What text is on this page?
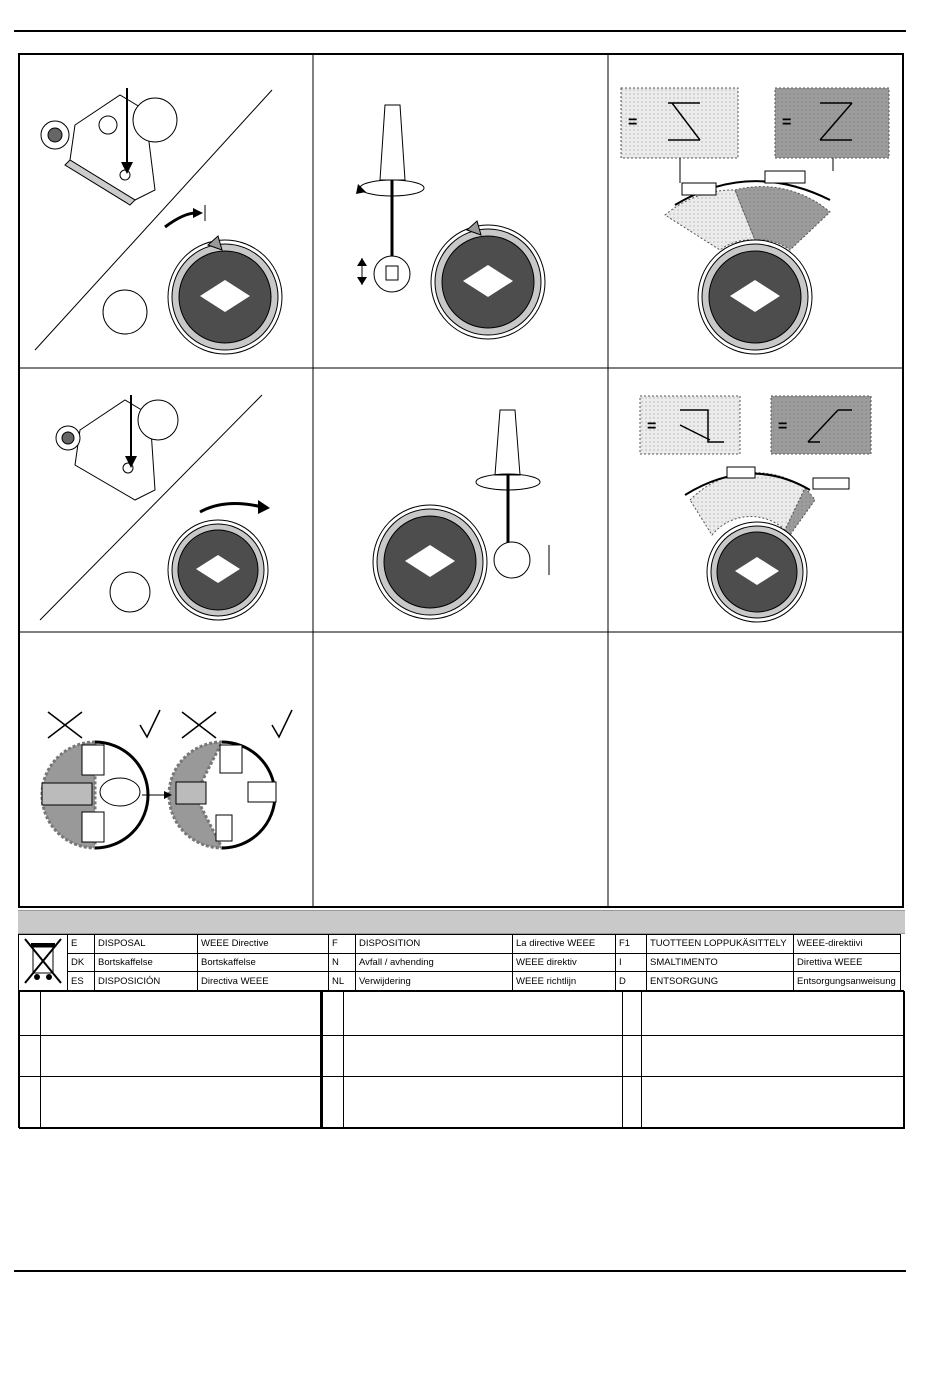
=	=
=	=
	E	DISPOSAL	WEEE Directive	F	DISPOSITION	La directive WEEE	F1	TUOTTEEN LOPPUKÄSITTELY	WEEE-direktiivi
	DK	Bortskaffelse	Bortskaffelse	N	Avfall / avhending	WEEE direktiv	I	SMALTIMENTO	Direttiva WEEE
	ES	DISPOSICIÓN	Directiva WEEE	NL	Verwijdering	WEEE richtlijn	D	ENTSORGUNG	Entsorgungsanweisung
